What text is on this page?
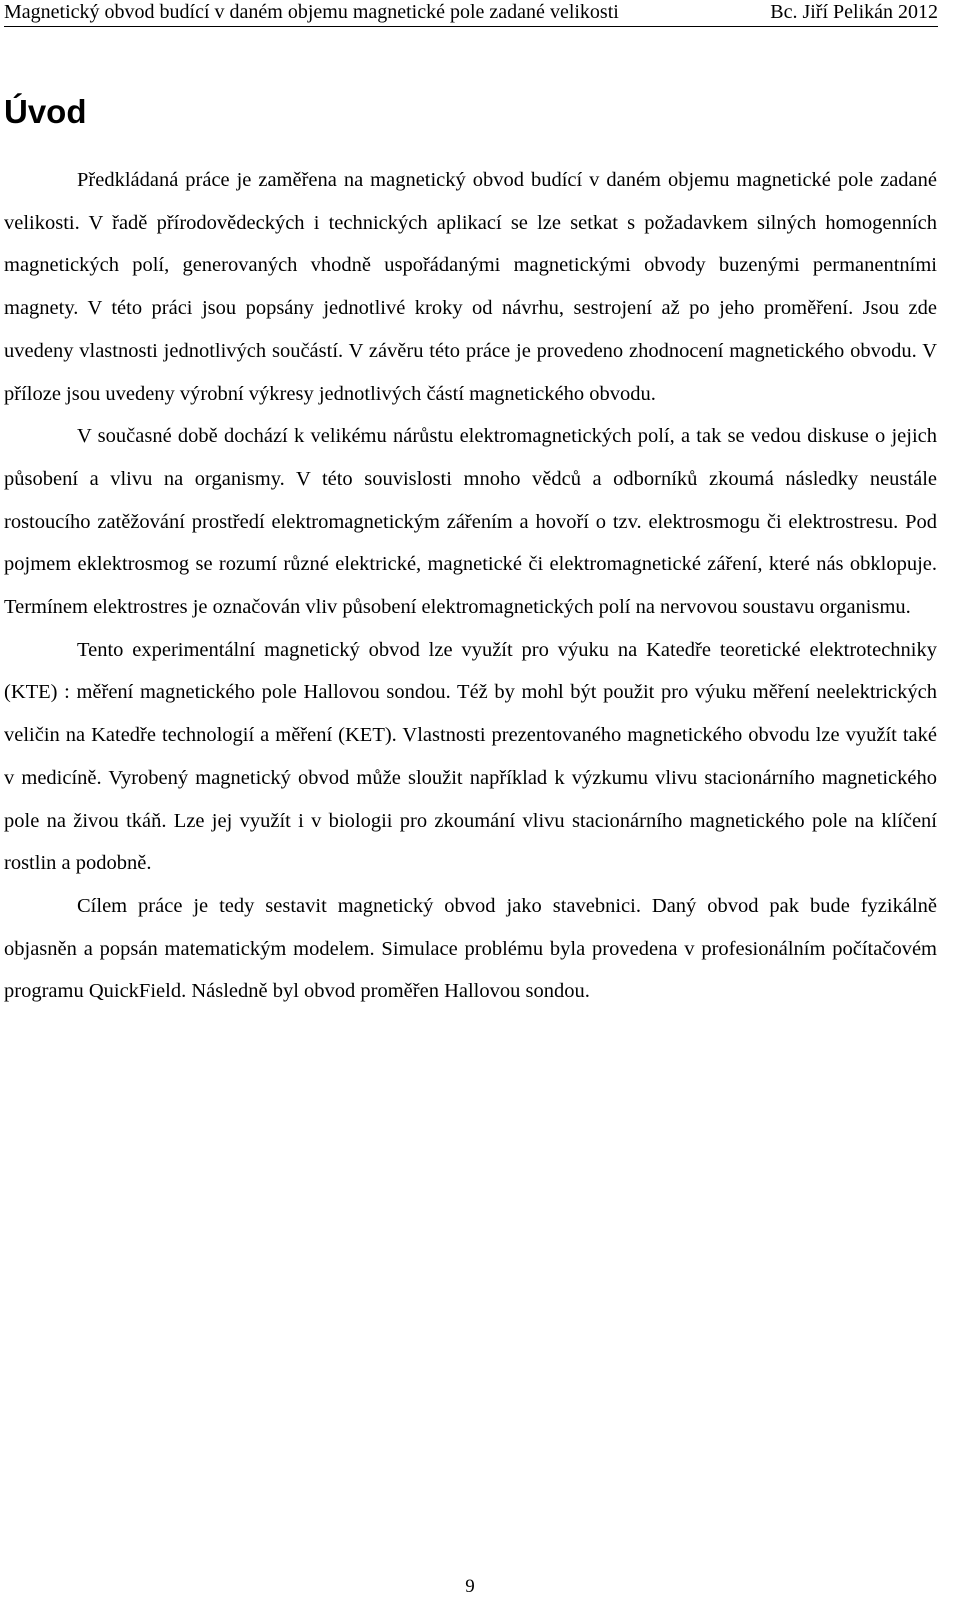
Magnetický obvod budící v daném objemu magnetické pole zadané velikosti	Bc. Jiří Pelikán 2012
Úvod

Předkládaná práce je zaměřena na magnetický obvod budící v daném objemu magnetické pole zadané velikosti. V řadě přírodovědeckých i technických aplikací se lze setkat s požadavkem silných homogenních magnetických polí, generovaných vhodně uspořádanými magnetickými obvody buzenými permanentními magnety. V této práci jsou popsány jednotlivé kroky od návrhu, sestrojení až po jeho proměření. Jsou zde uvedeny vlastnosti jednotlivých součástí. V závěru této práce je provedeno zhodnocení magnetického obvodu. V příloze jsou uvedeny výrobní výkresy jednotlivých částí magnetického obvodu.

V současné době dochází k velikému nárůstu elektromagnetických polí, a tak se vedou diskuse o jejich působení a vlivu na organismy. V této souvislosti mnoho vědců a odborníků zkoumá následky neustále rostoucího zatěžování prostředí elektromagnetickým zářením a hovoří o tzv. elektrosmogu či elektrostresu. Pod pojmem eklektrosmog se rozumí různé elektrické, magnetické či elektromagnetické záření, které nás obklopuje. Termínem elektrostres je označován vliv působení elektromagnetických polí na nervovou soustavu organismu.

Tento experimentální magnetický obvod lze využít pro výuku na Katedře teoretické elektrotechniky (KTE) : měření magnetického pole Hallovou sondou. Též by mohl být použit pro výuku měření neelektrických veličin na Katedře technologií a měření (KET). Vlastnosti prezentovaného magnetického obvodu lze využít také v medicíně. Vyrobený magnetický obvod může sloužit například k výzkumu vlivu stacionárního magnetického pole na živou tkáň. Lze jej využít i v biologii pro zkoumání vlivu stacionárního magnetického pole na klíčení rostlin a podobně.

Cílem práce je tedy sestavit magnetický obvod jako stavebnici. Daný obvod pak bude fyzikálně objasněn a popsán matematickým modelem. Simulace problému byla provedena v profesionálním počítačovém programu QuickField. Následně byl obvod proměřen Hallovou sondou.

9
